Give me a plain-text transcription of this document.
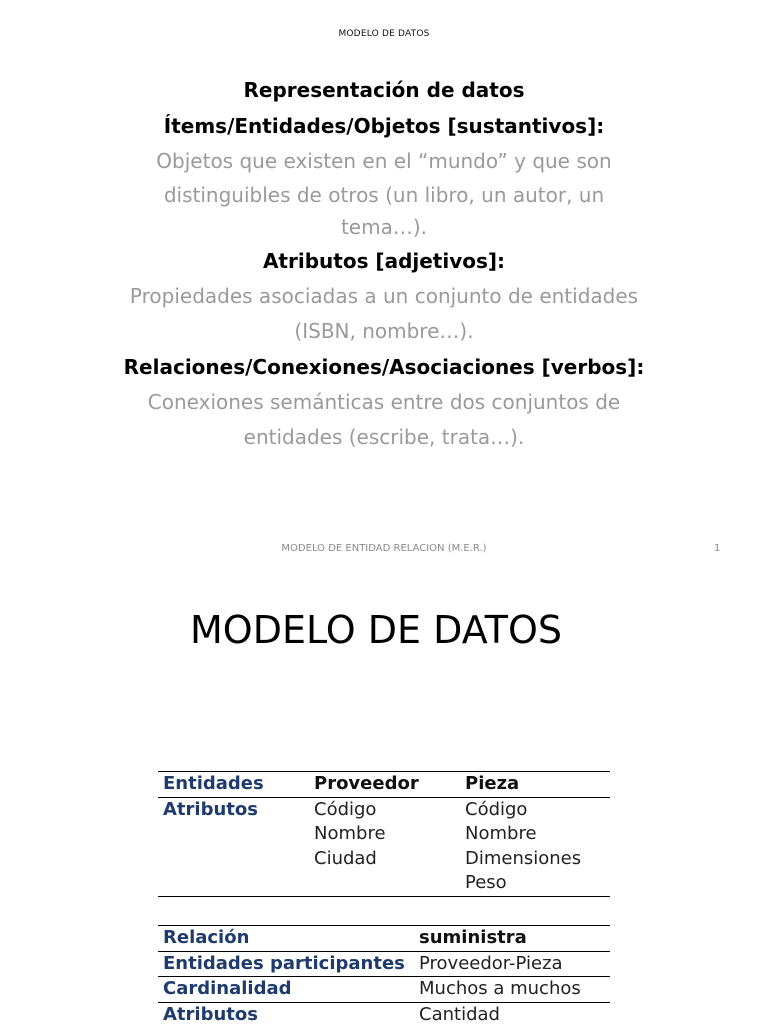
MODELO DE DATOS
Representación de datos
Ítems/Entidades/Objetos [sustantivos]:
Objetos que existen en el “mundo” y que son
distinguibles de otros (un libro, un autor, un
tema…).
Atributos [adjetivos]:
Propiedades asociadas a un conjunto de entidades
(ISBN, nombre…).
Relaciones/Conexiones/Asociaciones [verbos]:
Conexiones semánticas entre dos conjuntos de
entidades (escribe, trata…).
MODELO DE ENTIDAD RELACION (M.E.R.)	1
MODELO DE DATOS
Entidades	Proveedor	Pieza
Atributos	Código	Código
	Nombre	Nombre
	Ciudad	Dimensiones
		Peso
Relación	suministra
Entidades participantes	Proveedor-Pieza
Cardinalidad	Muchos a muchos
Atributos	Cantidad
